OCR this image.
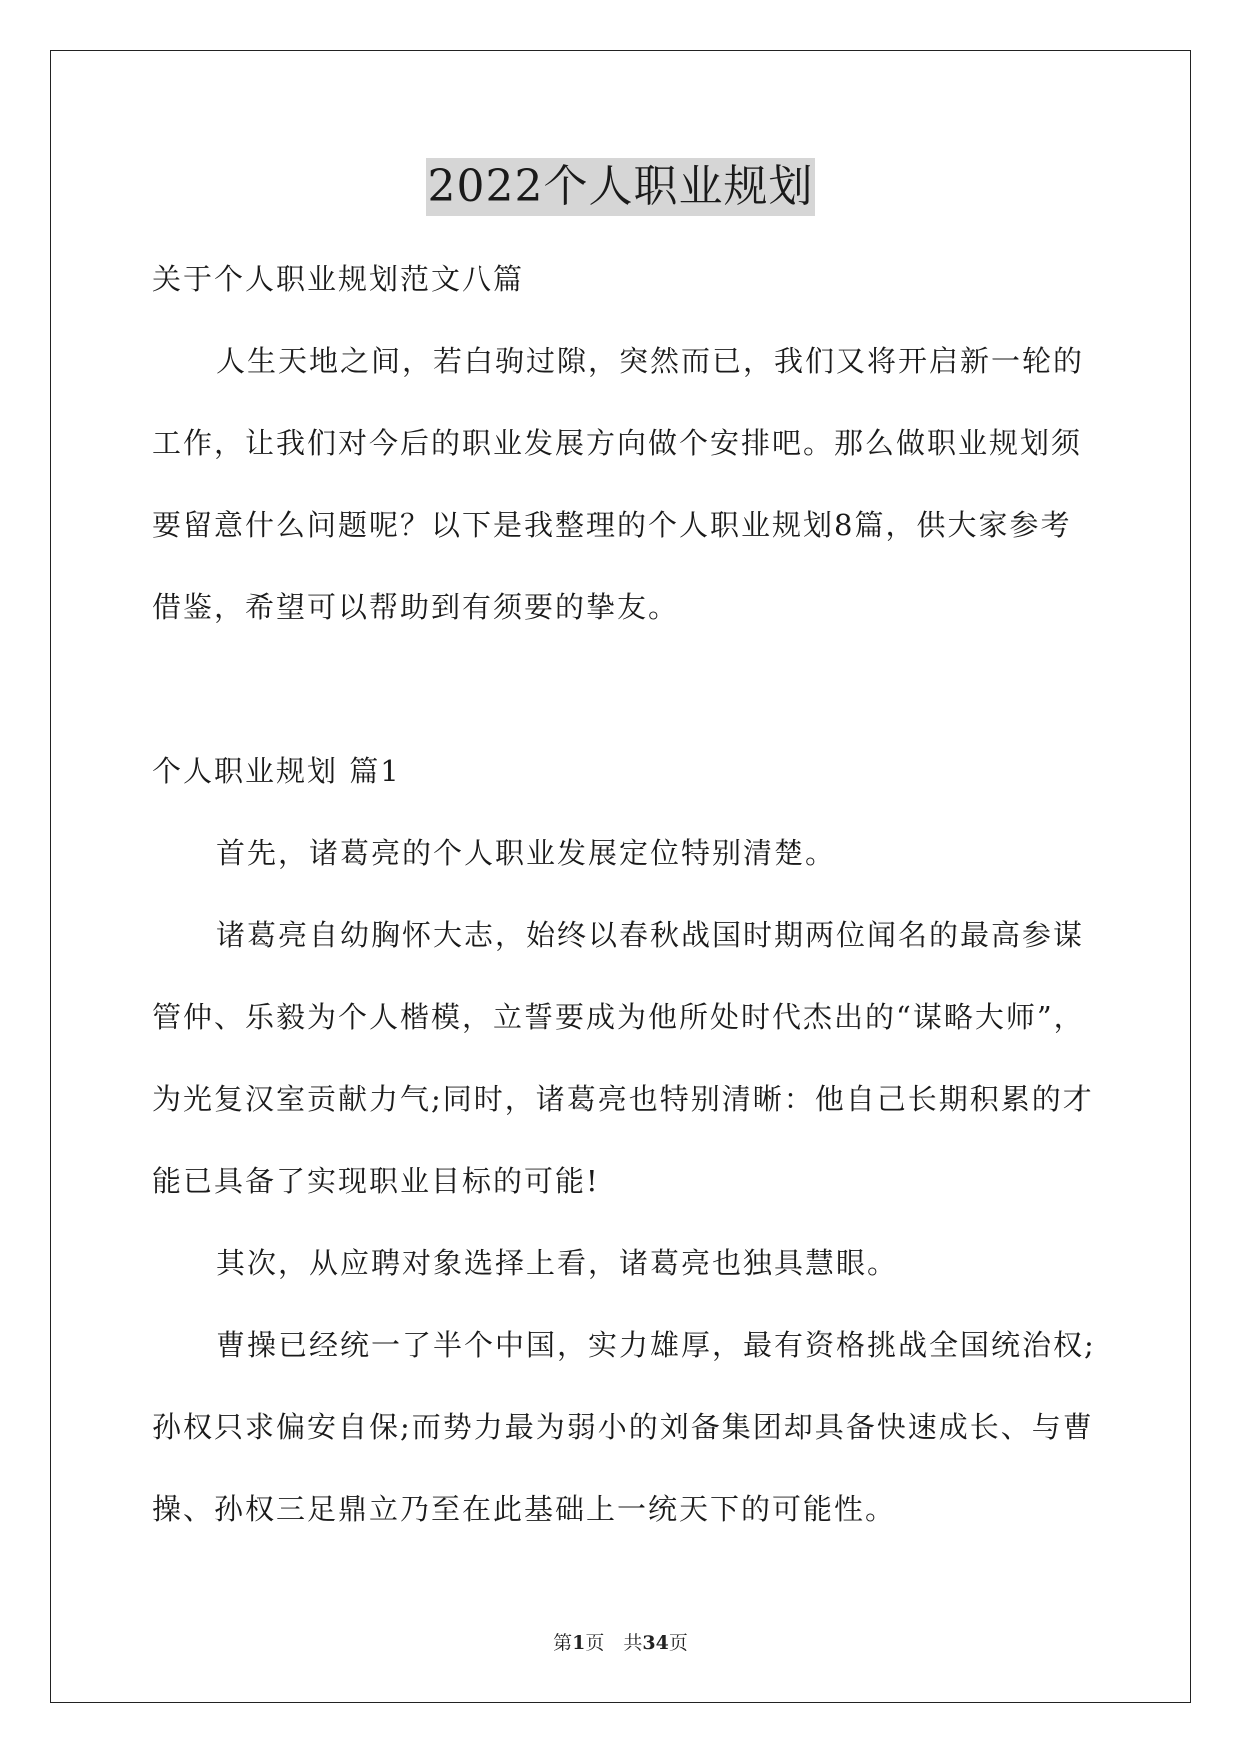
2022个人职业规划
关于个人职业规划范文八篇
人生天地之间，若白驹过隙，突然而已，我们又将开启新一轮的
工作，让我们对今后的职业发展方向做个安排吧。那么做职业规划须
要留意什么问题呢？以下是我整理的个人职业规划8篇，供大家参考
借鉴，希望可以帮助到有须要的挚友。
个人职业规划 篇1
首先，诸葛亮的个人职业发展定位特别清楚。
诸葛亮自幼胸怀大志，始终以春秋战国时期两位闻名的最高参谋
管仲、乐毅为个人楷模，立誓要成为他所处时代杰出的“谋略大师”，
为光复汉室贡献力气;同时，诸葛亮也特别清晰：他自己长期积累的才
能已具备了实现职业目标的可能!
其次，从应聘对象选择上看，诸葛亮也独具慧眼。
曹操已经统一了半个中国，实力雄厚，最有资格挑战全国统治权;
孙权只求偏安自保;而势力最为弱小的刘备集团却具备快速成长、与曹
操、孙权三足鼎立乃至在此基础上一统天下的可能性。
第1页　共34页
